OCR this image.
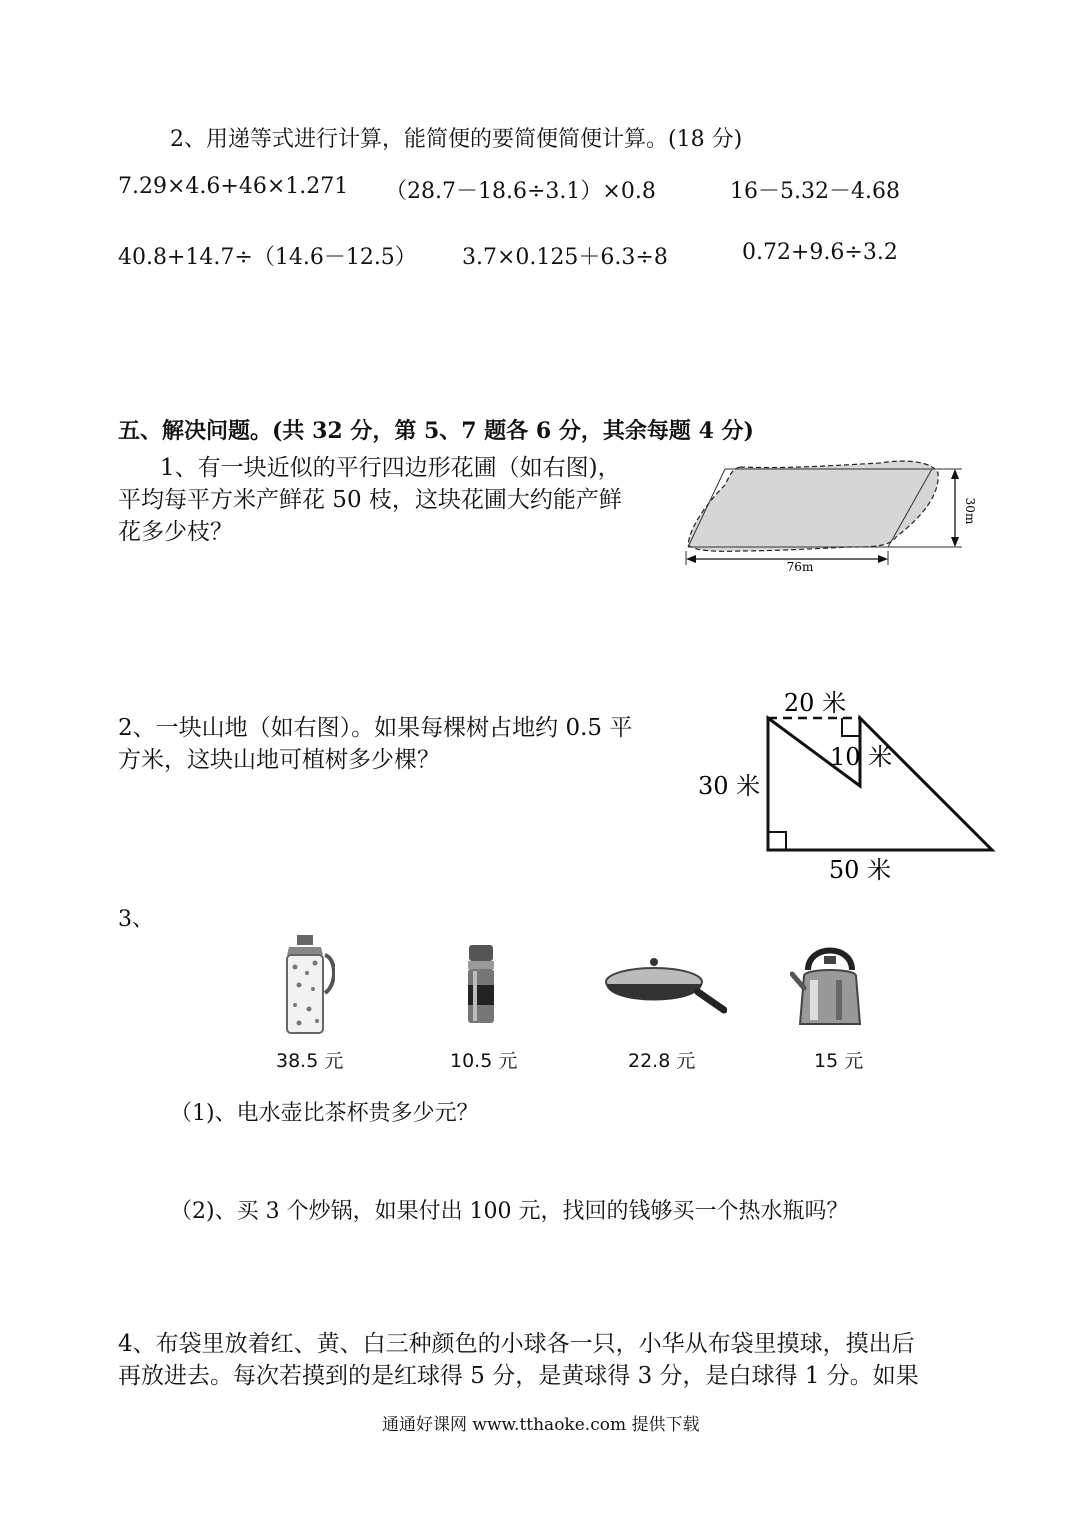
2、用递等式进行计算，能简便的要简便简便计算。(18 分)
7.29×4.6+46×1.271 （28.7－18.6÷3.1）×0.8	16－5.32－4.68
40.8+14.7÷（14.6－12.5） 3.7×0.125＋6.3÷8	0.72+9.6÷3.2
五、解决问题。(共 32 分，第 5、7 题各 6 分，其余每题 4 分)
1、有一块近似的平行四边形花圃（如右图)，
平均每平方米产鲜花 50 枝，这块花圃大约能产鲜
花多少枝？
30m
76m
2、一块山地（如右图）。如果每棵树占地约 0.5 平
方米，这块山地可植树多少棵？
20 米
10 米
30 米
50 米
3、
38.5 元	10.5 元	22.8 元	15 元
（1)、电水壶比茶杯贵多少元？
（2)、买 3 个炒锅，如果付出 100 元，找回的钱够买一个热水瓶吗？
4、布袋里放着红、黄、白三种颜色的小球各一只，小华从布袋里摸球，摸出后
再放进去。每次若摸到的是红球得 5 分，是黄球得 3 分，是白球得 1 分。如果
通通好课网 www.tthaoke.com 提供下载
